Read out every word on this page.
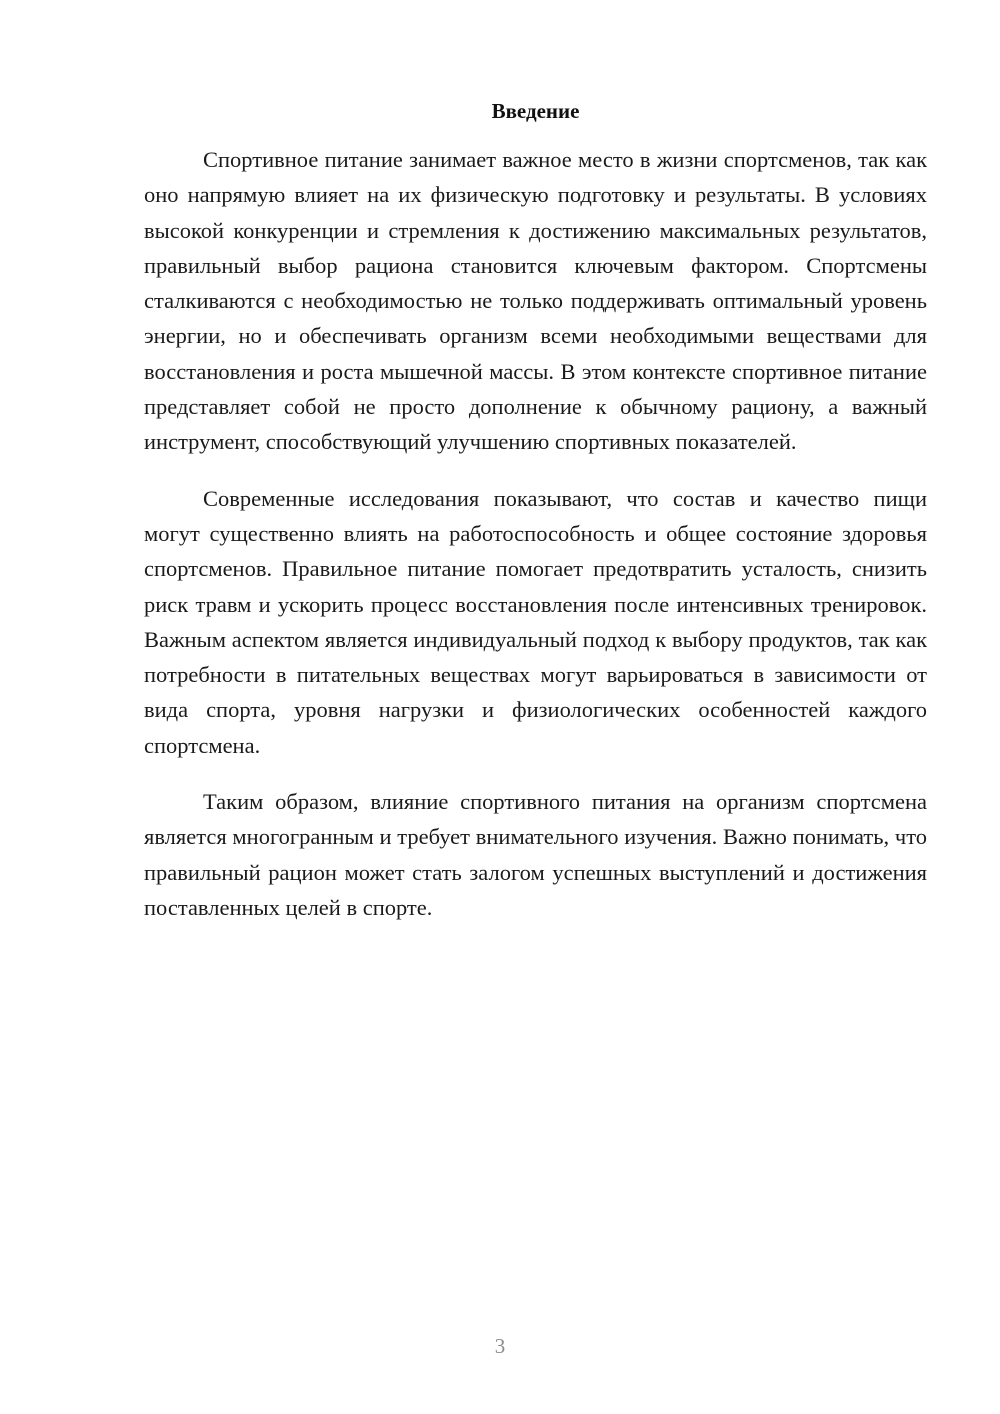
Введение

Спортивное питание занимает важное место в жизни спортсменов, так как оно напрямую влияет на их физическую подготовку и результаты. В условиях высокой конкуренции и стремления к достижению максимальных результатов, правильный выбор рациона становится ключевым фактором. Спортсмены сталкиваются с необходимостью не только поддерживать оптимальный уровень энергии, но и обеспечивать организм всеми необходимыми веществами для восстановления и роста мышечной массы. В этом контексте спортивное питание представляет собой не просто дополнение к обычному рациону, а важный инструмент, способствующий улучшению спортивных показателей.

Современные исследования показывают, что состав и качество пищи могут существенно влиять на работоспособность и общее состояние здоровья спортсменов. Правильное питание помогает предотвратить усталость, снизить риск травм и ускорить процесс восстановления после интенсивных тренировок. Важным аспектом является индивидуальный подход к выбору продуктов, так как потребности в питательных веществах могут варьироваться в зависимости от вида спорта, уровня нагрузки и физиологических особенностей каждого спортсмена.

Таким образом, влияние спортивного питания на организм спортсмена является многогранным и требует внимательного изучения. Важно понимать, что правильный рацион может стать залогом успешных выступлений и достижения поставленных целей в спорте.

3
